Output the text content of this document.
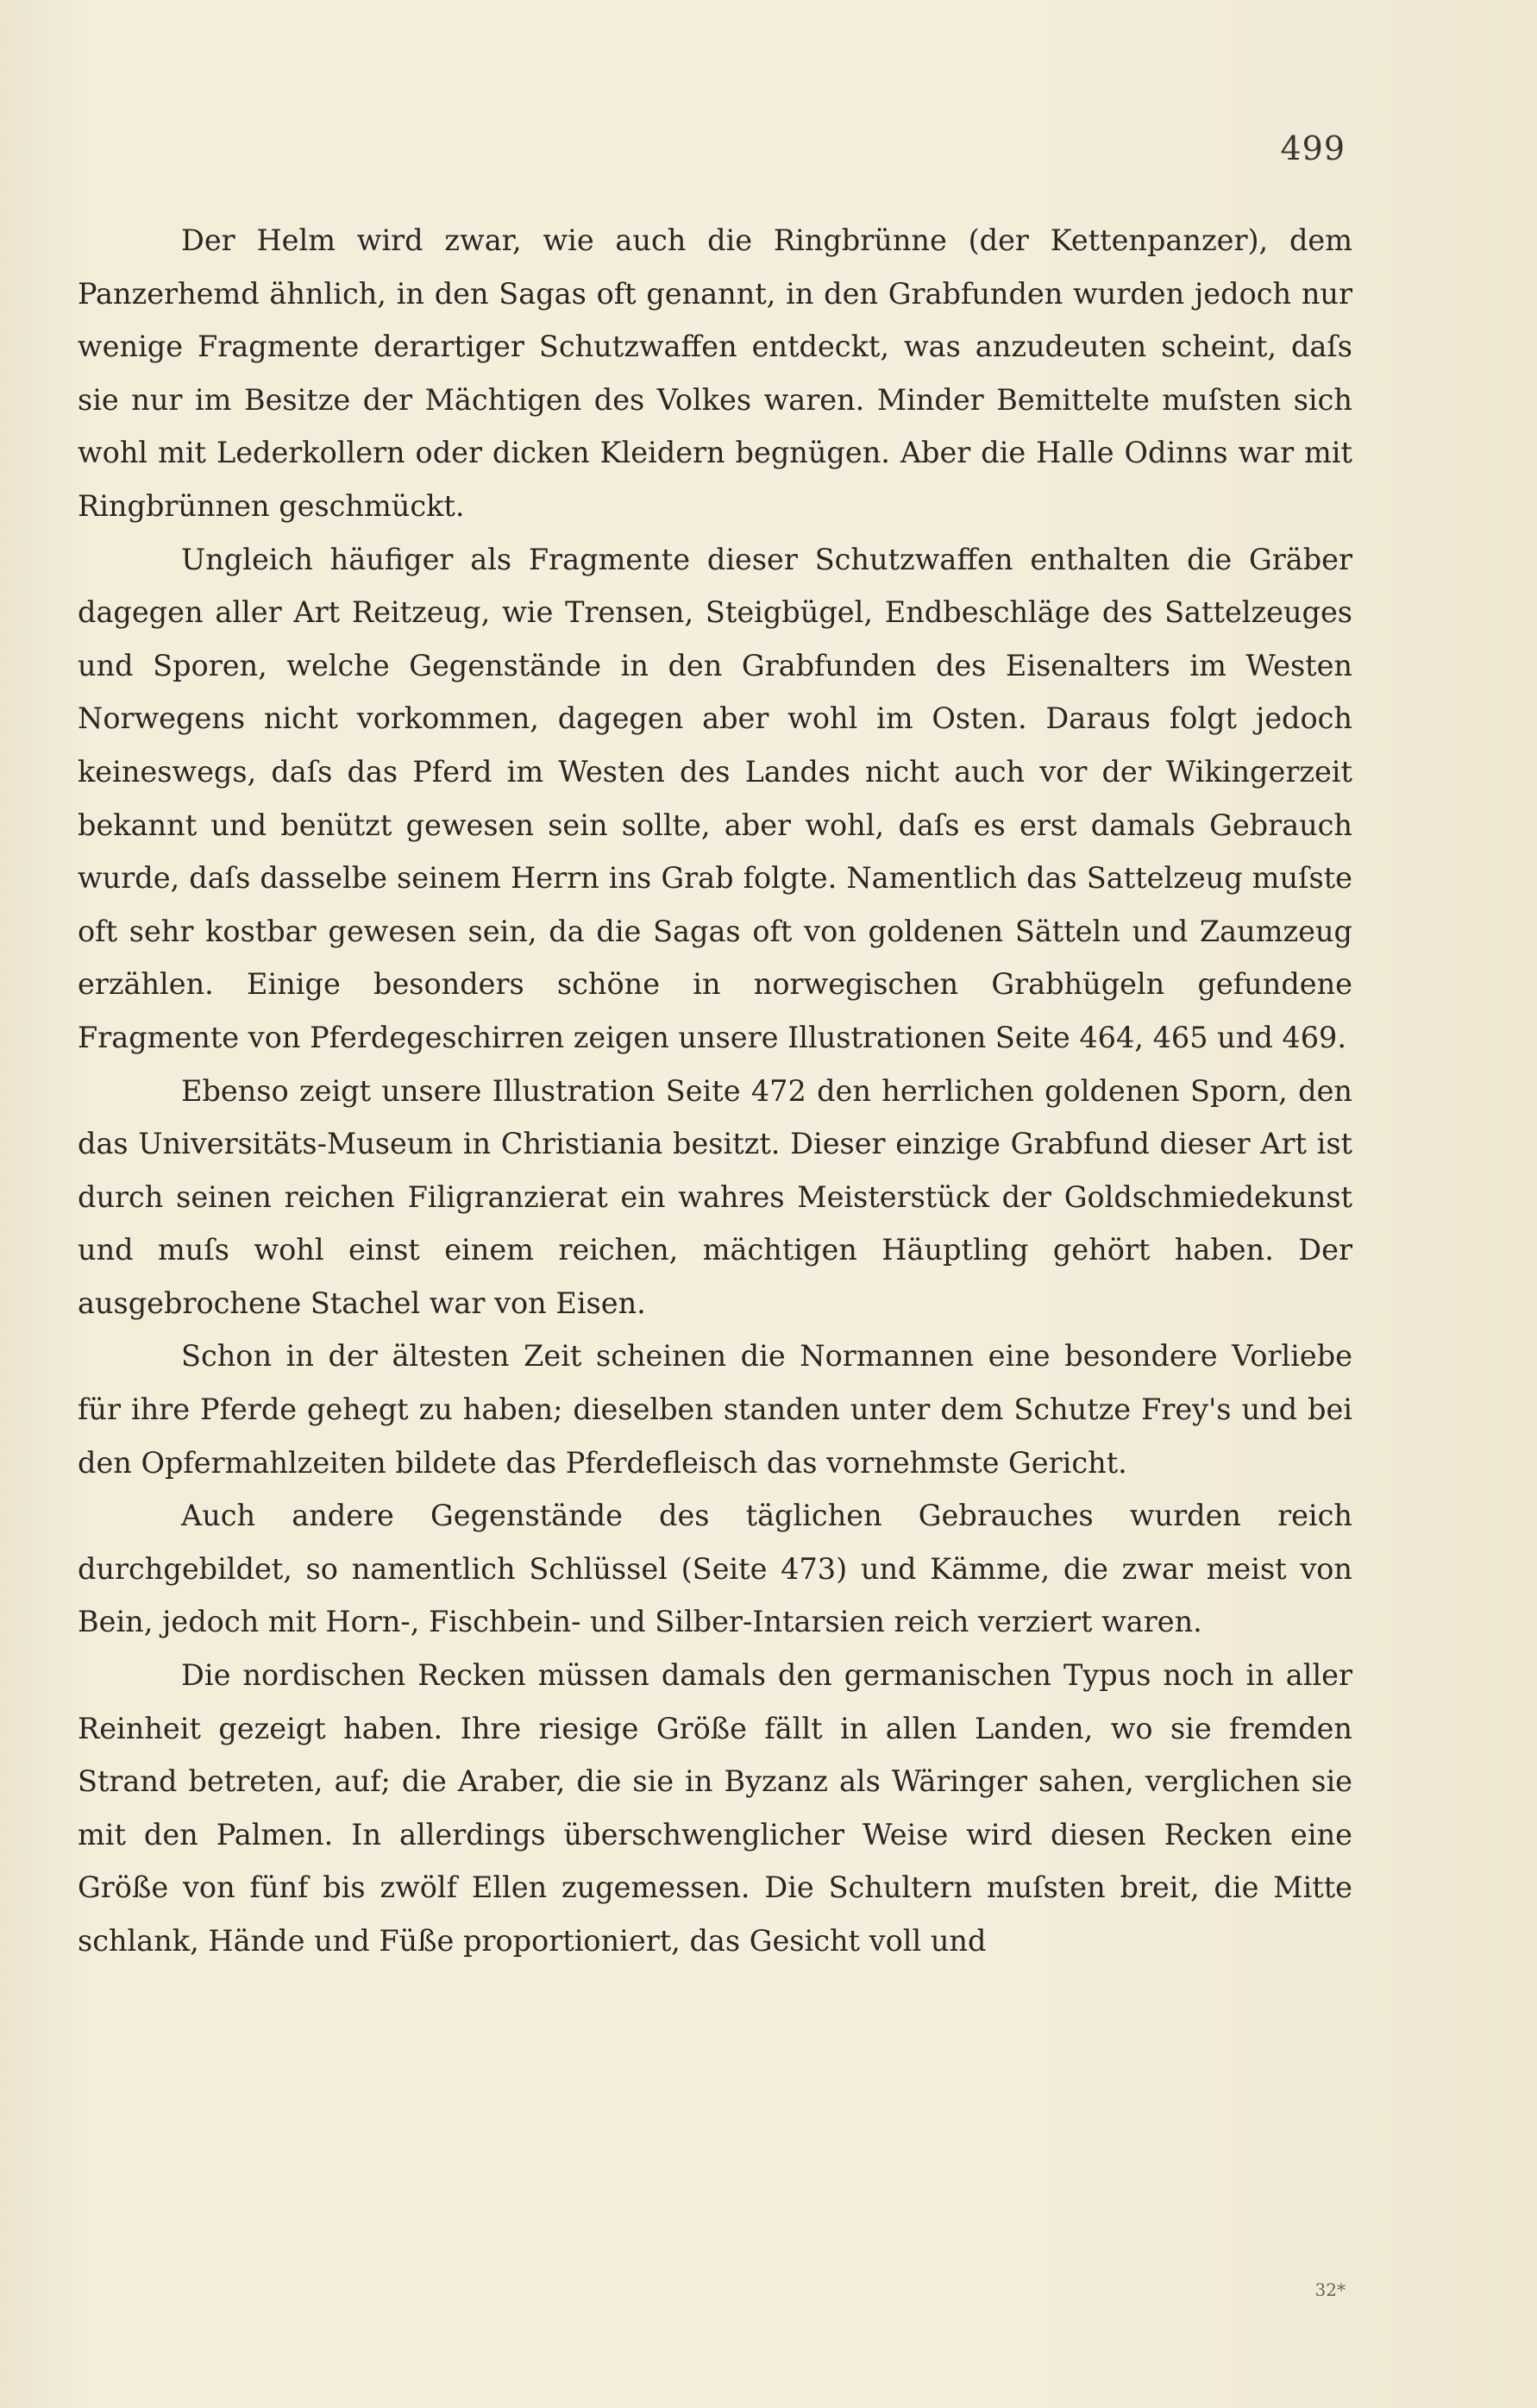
499

Der Helm wird zwar, wie auch die Ringbrünne (der Kettenpanzer), dem Panzerhemd ähnlich, in den Sagas oft genannt, in den Grabfunden wurden jedoch nur wenige Fragmente derartiger Schutzwaffen entdeckt, was anzudeuten scheint, daſs sie nur im Besitze der Mächtigen des Volkes waren. Minder Bemittelte muſsten sich wohl mit Lederkollern oder dicken Kleidern begnügen. Aber die Halle Odinns war mit Ringbrünnen geschmückt.

Ungleich häufiger als Fragmente dieser Schutzwaffen enthalten die Gräber dagegen aller Art Reitzeug, wie Trensen, Steigbügel, Endbeschläge des Sattelzeuges und Sporen, welche Gegenstände in den Grabfunden des Eisenalters im Westen Norwegens nicht vorkommen, dagegen aber wohl im Osten. Daraus folgt jedoch keineswegs, daſs das Pferd im Westen des Landes nicht auch vor der Wikingerzeit bekannt und benützt gewesen sein sollte, aber wohl, daſs es erst damals Gebrauch wurde, daſs dasselbe seinem Herrn ins Grab folgte. Namentlich das Sattelzeug muſste oft sehr kostbar gewesen sein, da die Sagas oft von goldenen Sätteln und Zaumzeug erzählen. Einige besonders schöne in norwegischen Grabhügeln gefundene Fragmente von Pferdegeschirren zeigen unsere Illustrationen Seite 464, 465 und 469.

Ebenso zeigt unsere Illustration Seite 472 den herrlichen goldenen Sporn, den das Universitäts-Museum in Christiania besitzt. Dieser einzige Grabfund dieser Art ist durch seinen reichen Filigranzierat ein wahres Meisterstück der Goldschmiedekunst und muſs wohl einst einem reichen, mächtigen Häuptling gehört haben. Der ausgebrochene Stachel war von Eisen.

Schon in der ältesten Zeit scheinen die Normannen eine besondere Vorliebe für ihre Pferde gehegt zu haben; dieselben standen unter dem Schutze Frey's und bei den Opfermahlzeiten bildete das Pferdefleisch das vornehmste Gericht.

Auch andere Gegenstände des täglichen Gebrauches wurden reich durchgebildet, so namentlich Schlüssel (Seite 473) und Kämme, die zwar meist von Bein, jedoch mit Horn-, Fischbein- und Silber-Intarsien reich verziert waren.

Die nordischen Recken müssen damals den germanischen Typus noch in aller Reinheit gezeigt haben. Ihre riesige Größe fällt in allen Landen, wo sie fremden Strand betreten, auf; die Araber, die sie in Byzanz als Wäringer sahen, verglichen sie mit den Palmen. In allerdings überschwenglicher Weise wird diesen Recken eine Größe von fünf bis zwölf Ellen zugemessen. Die Schultern muſsten breit, die Mitte schlank, Hände und Füße proportioniert, das Gesicht voll und

32*
